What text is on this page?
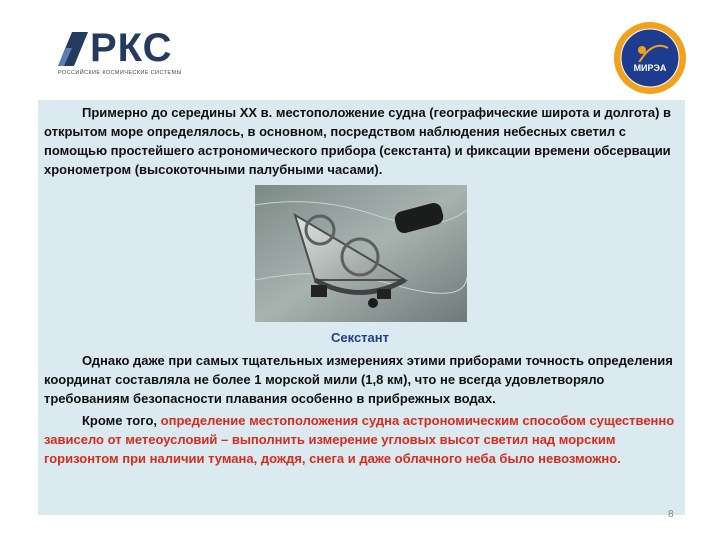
РКС
РОССИЙСКИЕ КОСМИЧЕСКИЕ СИСТЕМЫ	МИРЭА

Примерно до середины XX в. местоположение судна (географические широта и долгота) в открытом море определялось, в основном, посредством наблюдения небесных светил с помощью простейшего астрономического прибора (секстанта) и фиксации времени обсервации хронометром (высокоточными палубными часами).

Секстант

Однако даже при самых тщательных измерениях этими приборами точность определения координат составляла не более 1 морской мили (1,8 км), что не всегда удовлетворяло требованиям безопасности плавания особенно в прибрежных водах.

Кроме того, определение местоположения судна астрономическим способом существенно зависело от метеоусловий – выполнить измерение угловых высот светил над морским горизонтом при наличии тумана, дождя, снега и даже облачного неба было невозможно.

8
